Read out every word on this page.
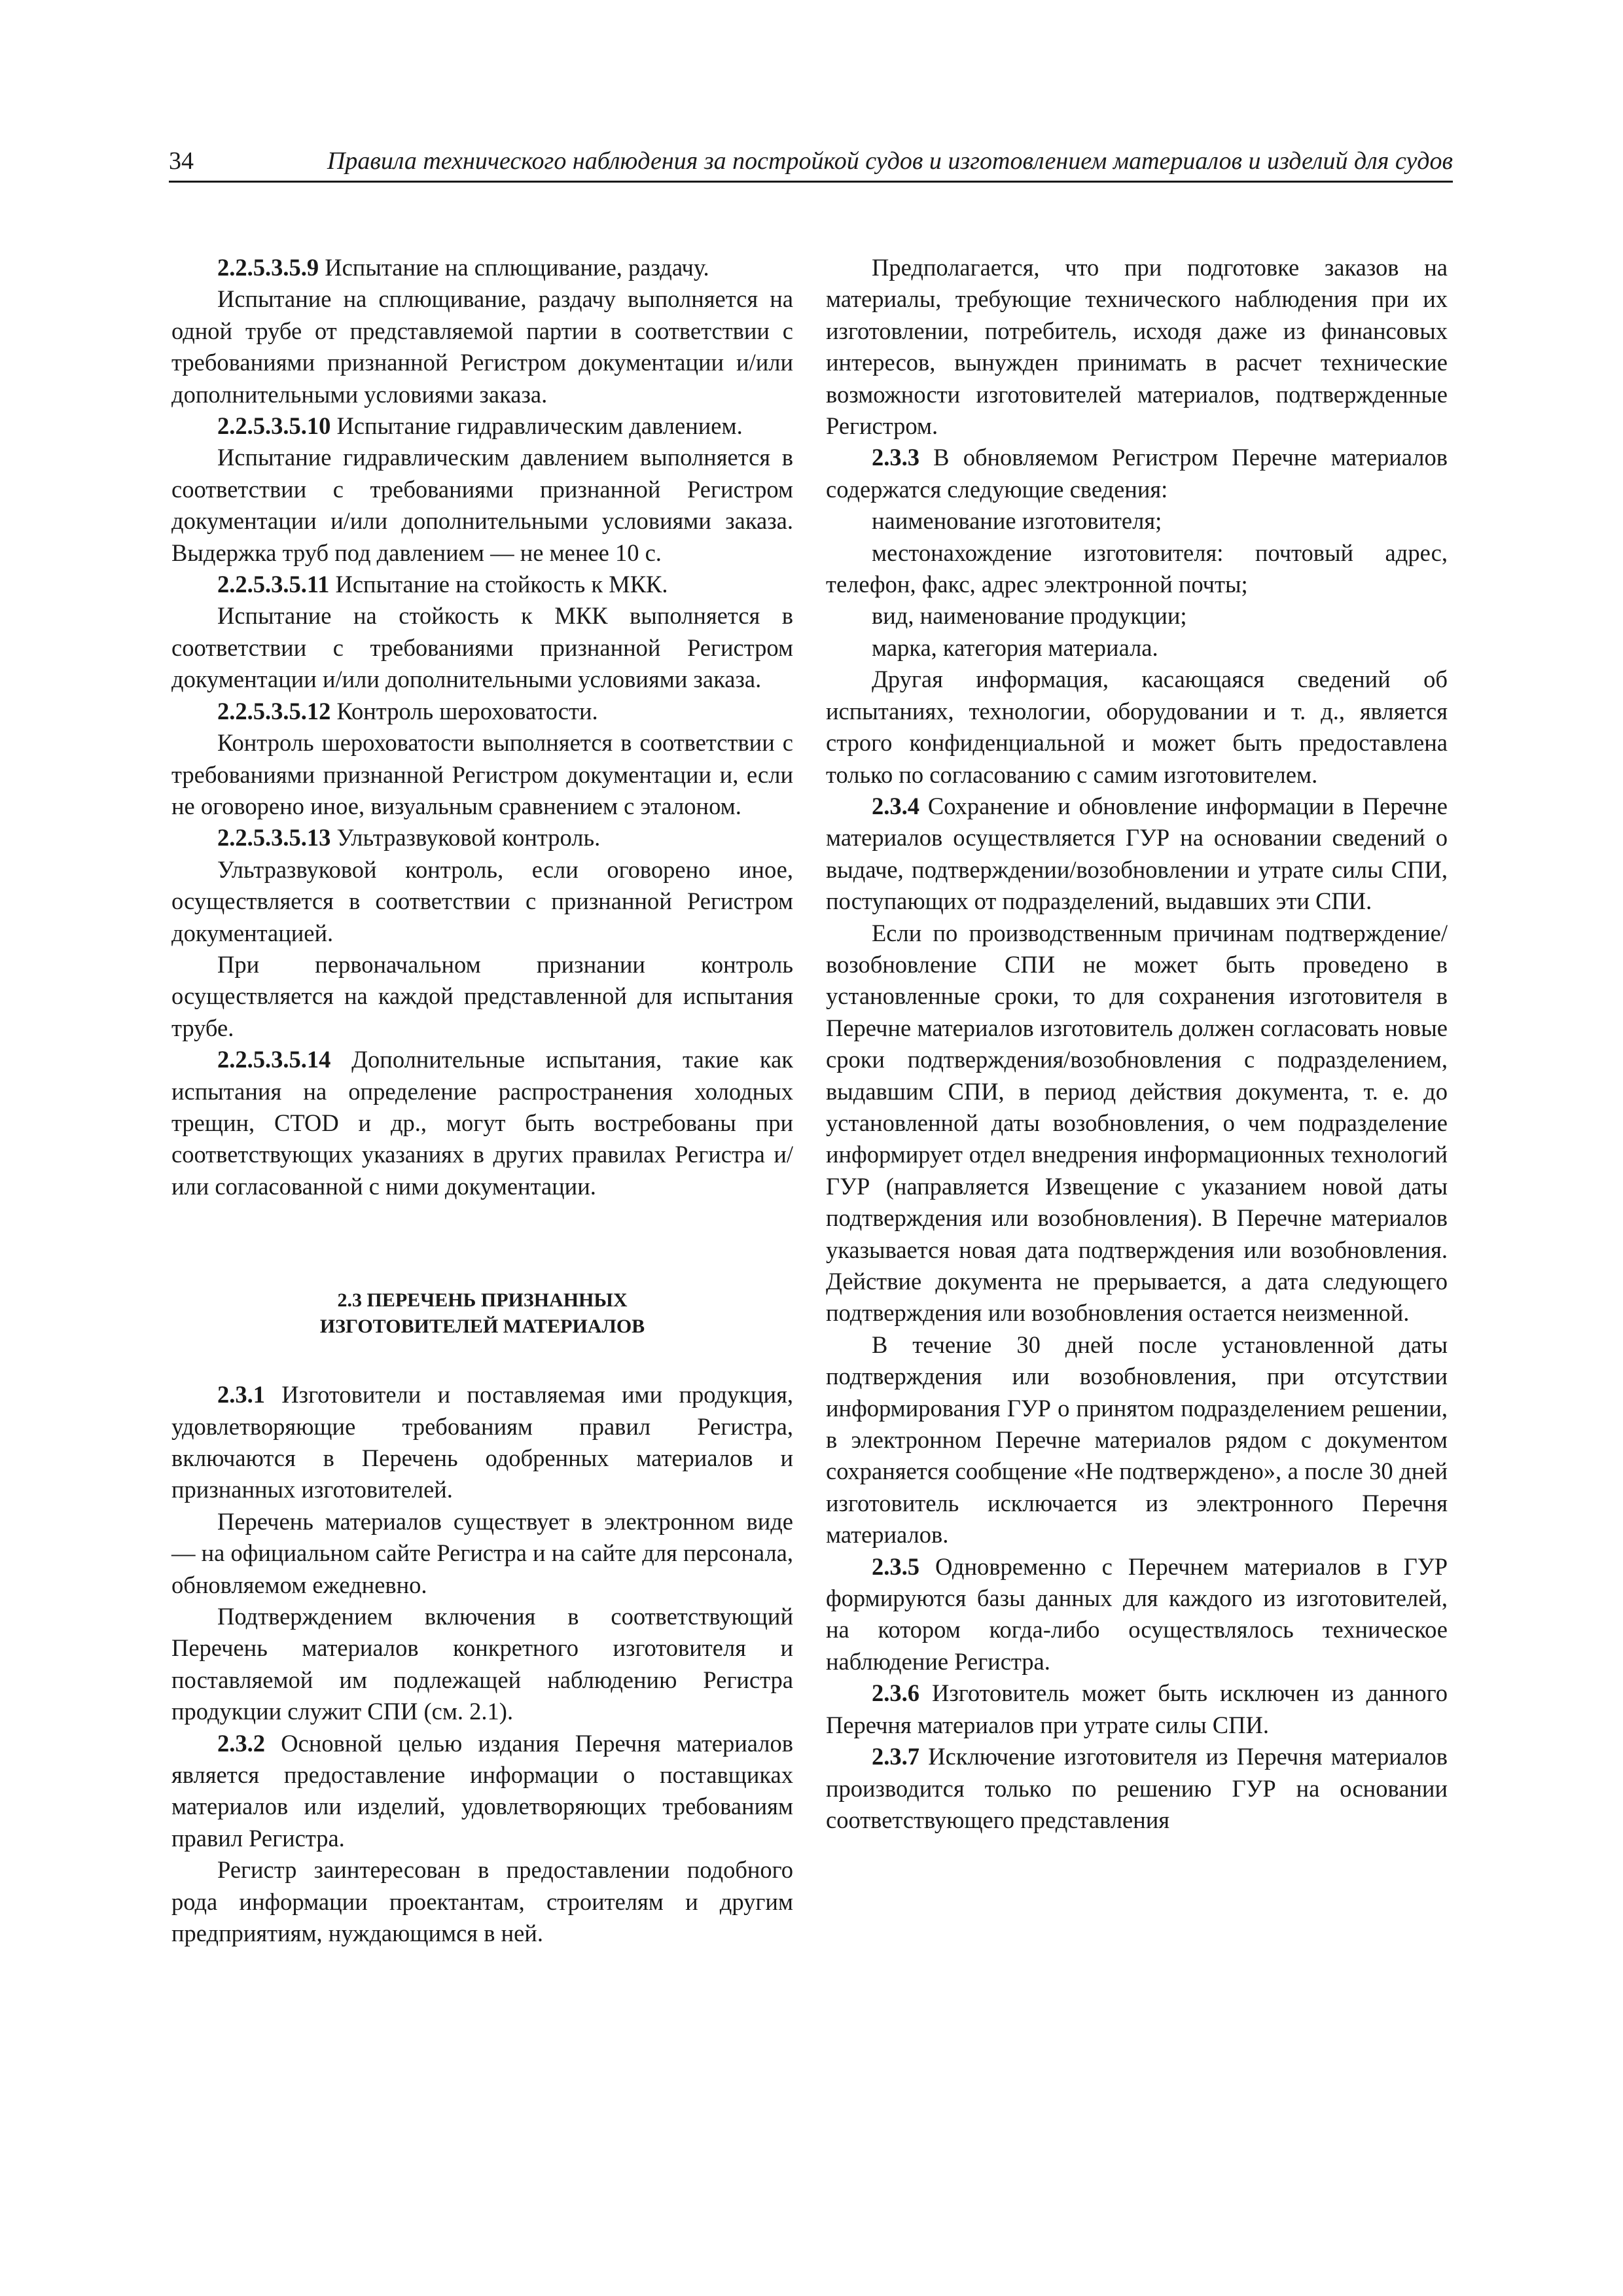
34	Правила технического наблюдения за постройкой судов и изготовлением материалов и изделий для судов

2.2.5.3.5.9 Испытание на сплющивание, раздачу.

Испытание на сплющивание, раздачу выполняется на одной трубе от представляемой партии в соответствии с требованиями признанной Регистром документации и/или дополнительными условиями заказа.

2.2.5.3.5.10 Испытание гидравлическим давлением.

Испытание гидравлическим давлением выполняется в соответствии с требованиями признанной Регистром документации и/или дополнительными условиями заказа. Выдержка труб под давлением — не менее 10 с.

2.2.5.3.5.11 Испытание на стойкость к МКК.

Испытание на стойкость к МКК выполняется в соответствии с требованиями признанной Регистром документации и/или дополнительными условиями заказа.

2.2.5.3.5.12 Контроль шероховатости.

Контроль шероховатости выполняется в соответствии с требованиями признанной Регистром документации и, если не оговорено иное, визуальным сравнением с эталоном.

2.2.5.3.5.13 Ультразвуковой контроль.

Ультразвуковой контроль, если оговорено иное, осуществляется в соответствии с признанной Регистром документацией.

При первоначальном признании контроль осуществляется на каждой представленной для испытания трубе.

2.2.5.3.5.14 Дополнительные испытания, такие как испытания на определение распространения холодных трещин, CTOD и др., могут быть востребованы при соответствующих указаниях в других правилах Регистра и/или согласованной с ними документации.

2.3 ПЕРЕЧЕНЬ ПРИЗНАННЫХ

ИЗГОТОВИТЕЛЕЙ МАТЕРИАЛОВ

2.3.1 Изготовители и поставляемая ими продукция, удовлетворяющие требованиям правил Регистра, включаются в Перечень одобренных материалов и признанных изготовителей.

Перечень материалов существует в электронном виде — на официальном сайте Регистра и на сайте для персонала, обновляемом ежедневно.

Подтверждением включения в соответствующий Перечень материалов конкретного изготовителя и поставляемой им подлежащей наблюдению Регистра продукции служит СПИ (см. 2.1).

2.3.2 Основной целью издания Перечня материалов является предоставление информации о поставщиках материалов или изделий, удовлетворяющих требованиям правил Регистра.

Регистр заинтересован в предоставлении подобного рода информации проектантам, строителям и другим предприятиям, нуждающимся в ней.

Предполагается, что при подготовке заказов на материалы, требующие технического наблюдения при их изготовлении, потребитель, исходя даже из финансовых интересов, вынужден принимать в расчет технические возможности изготовителей материалов, подтвержденные Регистром.

2.3.3 В обновляемом Регистром Перечне материалов содержатся следующие сведения:

наименование изготовителя;

местонахождение изготовителя: почтовый адрес, телефон, факс, адрес электронной почты;

вид, наименование продукции;

марка, категория материала.

Другая информация, касающаяся сведений об испытаниях, технологии, оборудовании и т. д., является строго конфиденциальной и может быть предоставлена только по согласованию с самим изготовителем.

2.3.4 Сохранение и обновление информации в Перечне материалов осуществляется ГУР на основании сведений о выдаче, подтверждении/возобновлении и утрате силы СПИ, поступающих от подразделений, выдавших эти СПИ.

Если по производственным причинам подтверждение/возобновление СПИ не может быть проведено в установленные сроки, то для сохранения изготовителя в Перечне материалов изготовитель должен согласовать новые сроки подтверждения/возобновления с подразделением, выдавшим СПИ, в период действия документа, т. е. до установленной даты возобновления, о чем подразделение информирует отдел внедрения информационных технологий ГУР (направляется Извещение с указанием новой даты подтверждения или возобновления). В Перечне материалов указывается новая дата подтверждения или возобновления. Действие документа не прерывается, а дата следующего подтверждения или возобновления остается неизменной.

В течение 30 дней после установленной даты подтверждения или возобновления, при отсутствии информирования ГУР о принятом подразделением решении, в электронном Перечне материалов рядом с документом сохраняется сообщение «Не подтверждено», а после 30 дней изготовитель исключается из электронного Перечня материалов.

2.3.5 Одновременно с Перечнем материалов в ГУР формируются базы данных для каждого из изготовителей, на котором когда-либо осуществлялось техническое наблюдение Регистра.

2.3.6 Изготовитель может быть исключен из данного Перечня материалов при утрате силы СПИ.

2.3.7 Исключение изготовителя из Перечня материалов производится только по решению ГУР на основании соответствующего представления
